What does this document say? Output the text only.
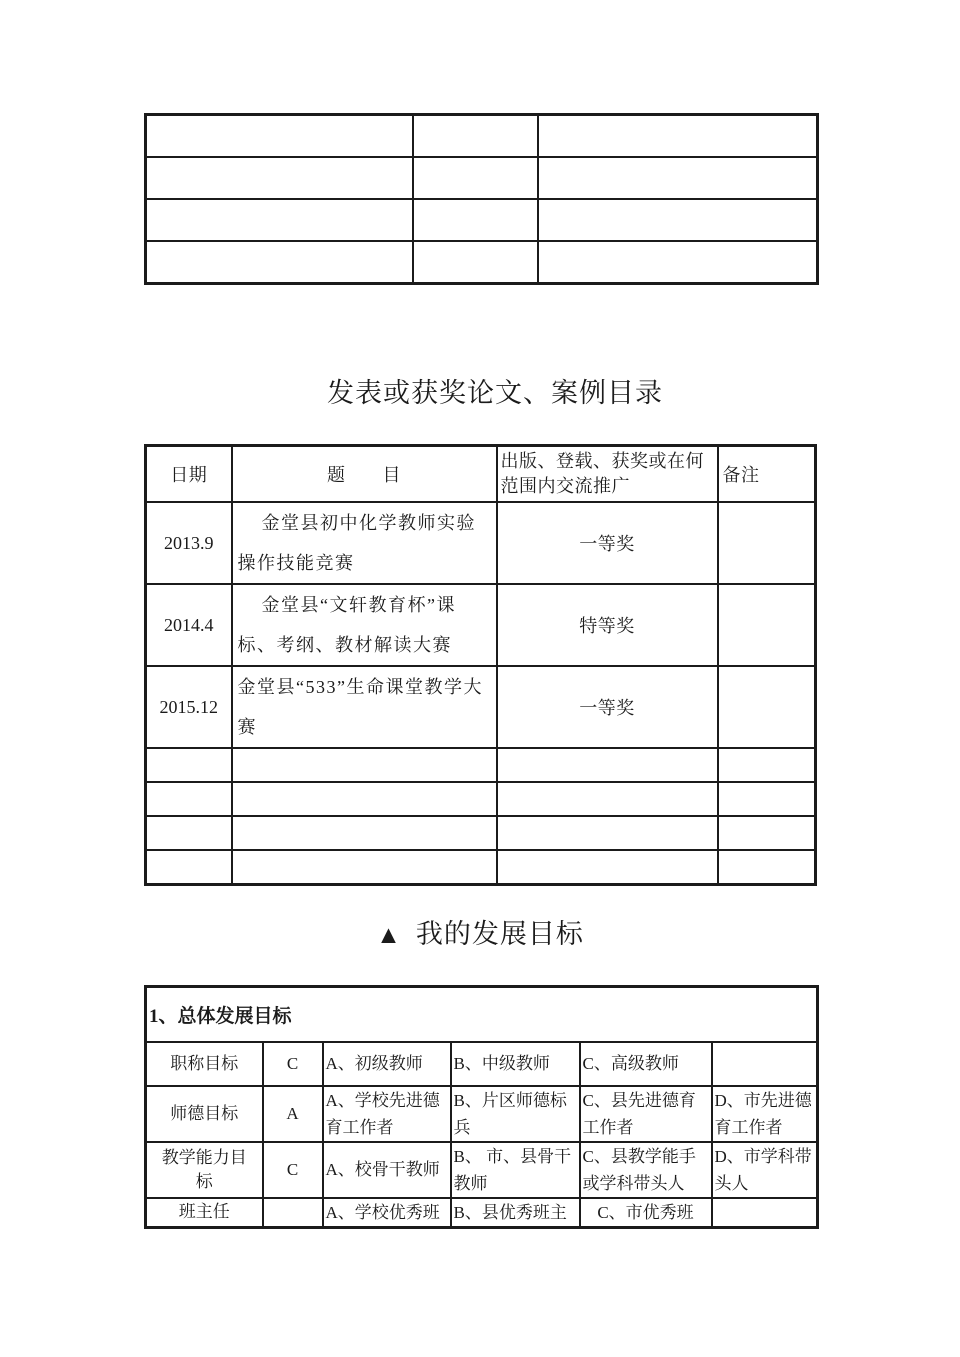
发表或获奖论文、案例目录
日期	题　　目	出版、登载、获奖或在何范围内交流推广	备注
2013.9	金堂县初中化学教师实验操作技能竞赛	一等奖	
2014.4	金堂县“文轩教育杯”课标、考纲、教材解读大赛	特等奖	
2015.12	金堂县“533”生命课堂教学大赛	一等奖	

▲ 我的发展目标
1、总体发展目标					
职称目标	C	A、初级教师	B、中级教师	C、高级教师	
师德目标	A	A、学校先进德育工作者	B、片区师德标兵	C、县先进德育工作者	D、市先进德育工作者
教学能力目标	C	A、校骨干教师	B、 市、县骨干教师	C、县教学能手或学科带头人	D、市学科带头人
班主任		A、学校优秀班	B、县优秀班主	C、市优秀班	
